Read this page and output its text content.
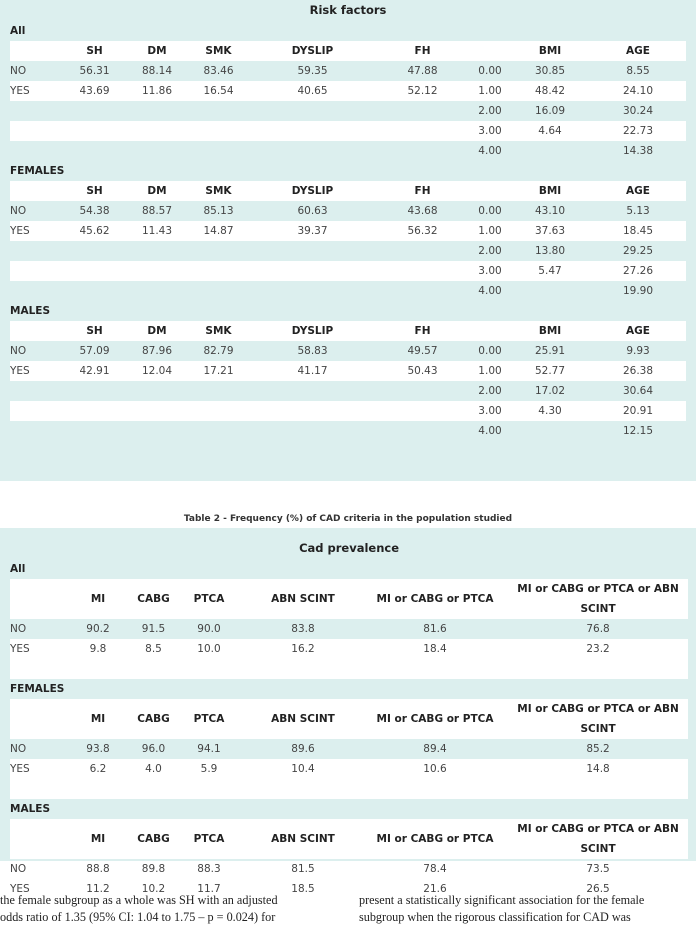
Risk factors								
All								
	SH	DM	SMK	DYSLIP	FH		BMI	AGE
NO	56.31	88.14	83.46	59.35	47.88	0.00	30.85	8.55
YES	43.69	11.86	16.54	40.65	52.12	1.00	48.42	24.10
						2.00	16.09	30.24
						3.00	4.64	22.73
						4.00		14.38
FEMALES								
	SH	DM	SMK	DYSLIP	FH		BMI	AGE
NO	54.38	88.57	85.13	60.63	43.68	0.00	43.10	5.13
YES	45.62	11.43	14.87	39.37	56.32	1.00	37.63	18.45
						2.00	13.80	29.25
						3.00	5.47	27.26
						4.00		19.90
MALES								
	SH	DM	SMK	DYSLIP	FH		BMI	AGE
NO	57.09	87.96	82.79	58.83	49.57	0.00	25.91	9.93
YES	42.91	12.04	17.21	41.17	50.43	1.00	52.77	26.38
						2.00	17.02	30.64
						3.00	4.30	20.91
						4.00		12.15
Table 2 - Frequency (%) of CAD criteria in the population studied
Cad prevalence						
All						
	MI	CABG	PTCA	ABN SCINT	MI or CABG or PTCA	MI or CABG or PTCA or ABN SCINT
NO	90.2	91.5	90.0	83.8	81.6	76.8
YES	9.8	8.5	10.0	16.2	18.4	23.2

FEMALES						
	MI	CABG	PTCA	ABN SCINT	MI or CABG or PTCA	MI or CABG or PTCA or ABN SCINT
NO	93.8	96.0	94.1	89.6	89.4	85.2
YES	6.2	4.0	5.9	10.4	10.6	14.8

MALES						
	MI	CABG	PTCA	ABN SCINT	MI or CABG or PTCA	MI or CABG or PTCA or ABN SCINT
NO	88.8	89.8	88.3	81.5	78.4	73.5
YES	11.2	10.2	11.7	18.5	21.6	26.5
the female subgroup as a whole was SH with an adjusted
odds ratio of 1.35 (95% CI: 1.04 to 1.75 – p = 0.024) for
present a statistically significant association for the female
subgroup when the rigorous classification for CAD was
